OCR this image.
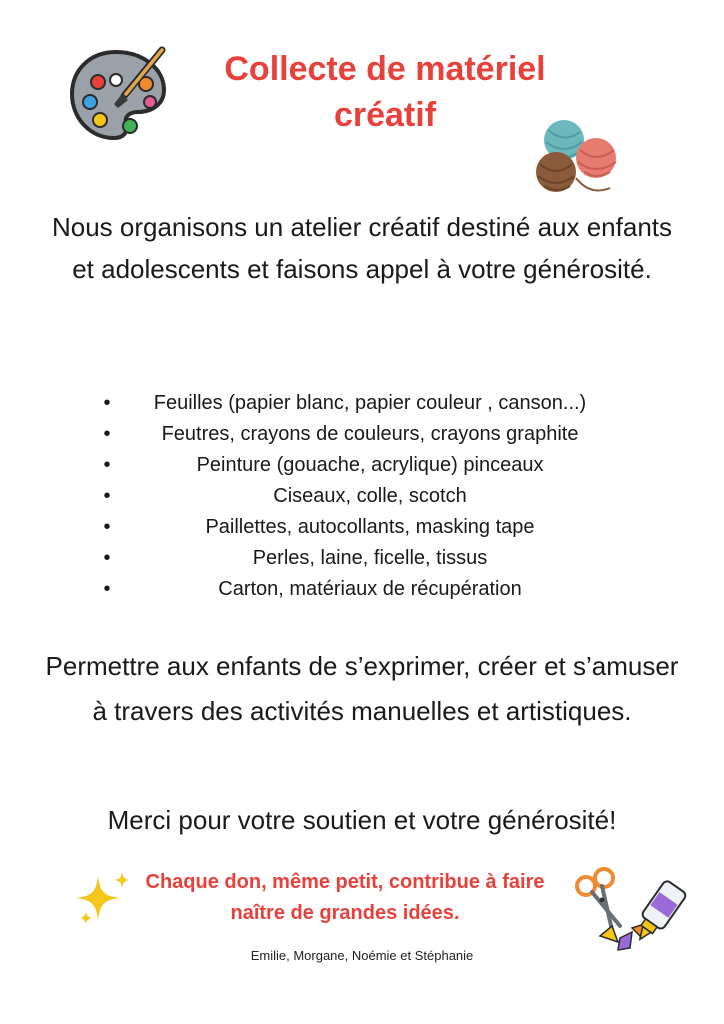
Collecte de matériel créatif

Nous organisons un atelier créatif destiné aux enfants et adolescents et faisons appel à votre générosité.

•	Feuilles (papier blanc, papier couleur , canson...)
•	Feutres, crayons de couleurs, crayons graphite
•	Peinture (gouache, acrylique) pinceaux
•	Ciseaux, colle, scotch
•	Paillettes, autocollants, masking tape
•	Perles, laine, ficelle, tissus
•	Carton, matériaux de récupération

Permettre aux enfants de s’exprimer, créer et s’amuser à travers des activités manuelles et artistiques.

Merci pour votre soutien et votre générosité!

Chaque don, même petit, contribue à faire naître de grandes idées.

Emilie, Morgane, Noémie et Stéphanie
